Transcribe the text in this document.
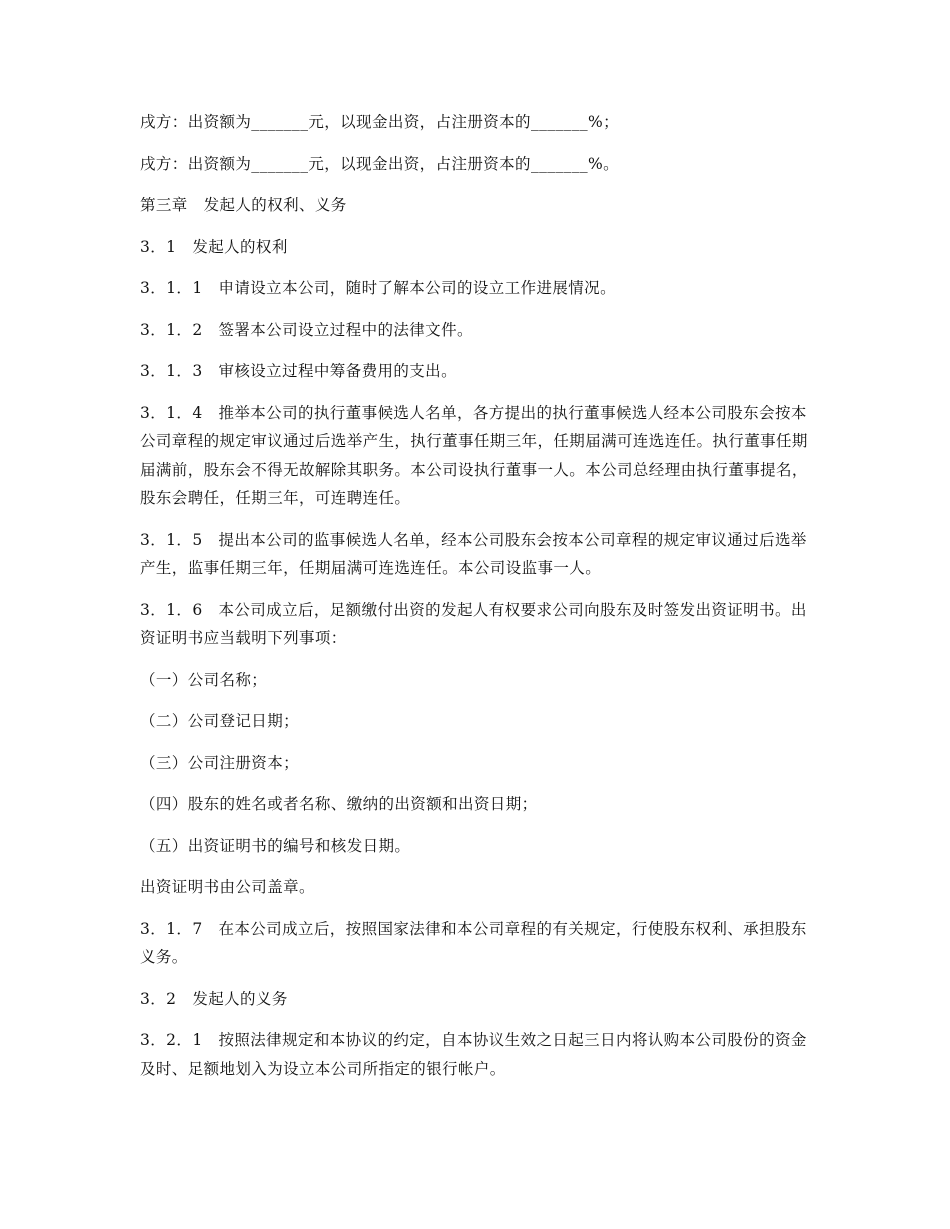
戌方：出资额为_______元，以现金出资，占注册资本的_______%；

戌方：出资额为_______元，以现金出资，占注册资本的_______%。

第三章　发起人的权利、义务

3．1　发起人的权利

3．1．1　申请设立本公司，随时了解本公司的设立工作进展情况。

3．1．2　签署本公司设立过程中的法律文件。

3．1．3　审核设立过程中筹备费用的支出。

3．1．4　推举本公司的执行董事候选人名单，各方提出的执行董事候选人经本公司股东会按本公司章程的规定审议通过后选举产生，执行董事任期三年，任期届满可连选连任。执行董事任期届满前，股东会不得无故解除其职务。本公司设执行董事一人。本公司总经理由执行董事提名，股东会聘任，任期三年，可连聘连任。

3．1．5　提出本公司的监事候选人名单，经本公司股东会按本公司章程的规定审议通过后选举产生，监事任期三年，任期届满可连选连任。本公司设监事一人。

3．1．6　本公司成立后，足额缴付出资的发起人有权要求公司向股东及时签发出资证明书。出资证明书应当载明下列事项：

（一）公司名称；

（二）公司登记日期；

（三）公司注册资本；

（四）股东的姓名或者名称、缴纳的出资额和出资日期；

（五）出资证明书的编号和核发日期。

出资证明书由公司盖章。

3．1．7　在本公司成立后，按照国家法律和本公司章程的有关规定，行使股东权利、承担股东义务。

3．2　发起人的义务

3．2．1　按照法律规定和本协议的约定，自本协议生效之日起三日内将认购本公司股份的资金及时、足额地划入为设立本公司所指定的银行帐户。
